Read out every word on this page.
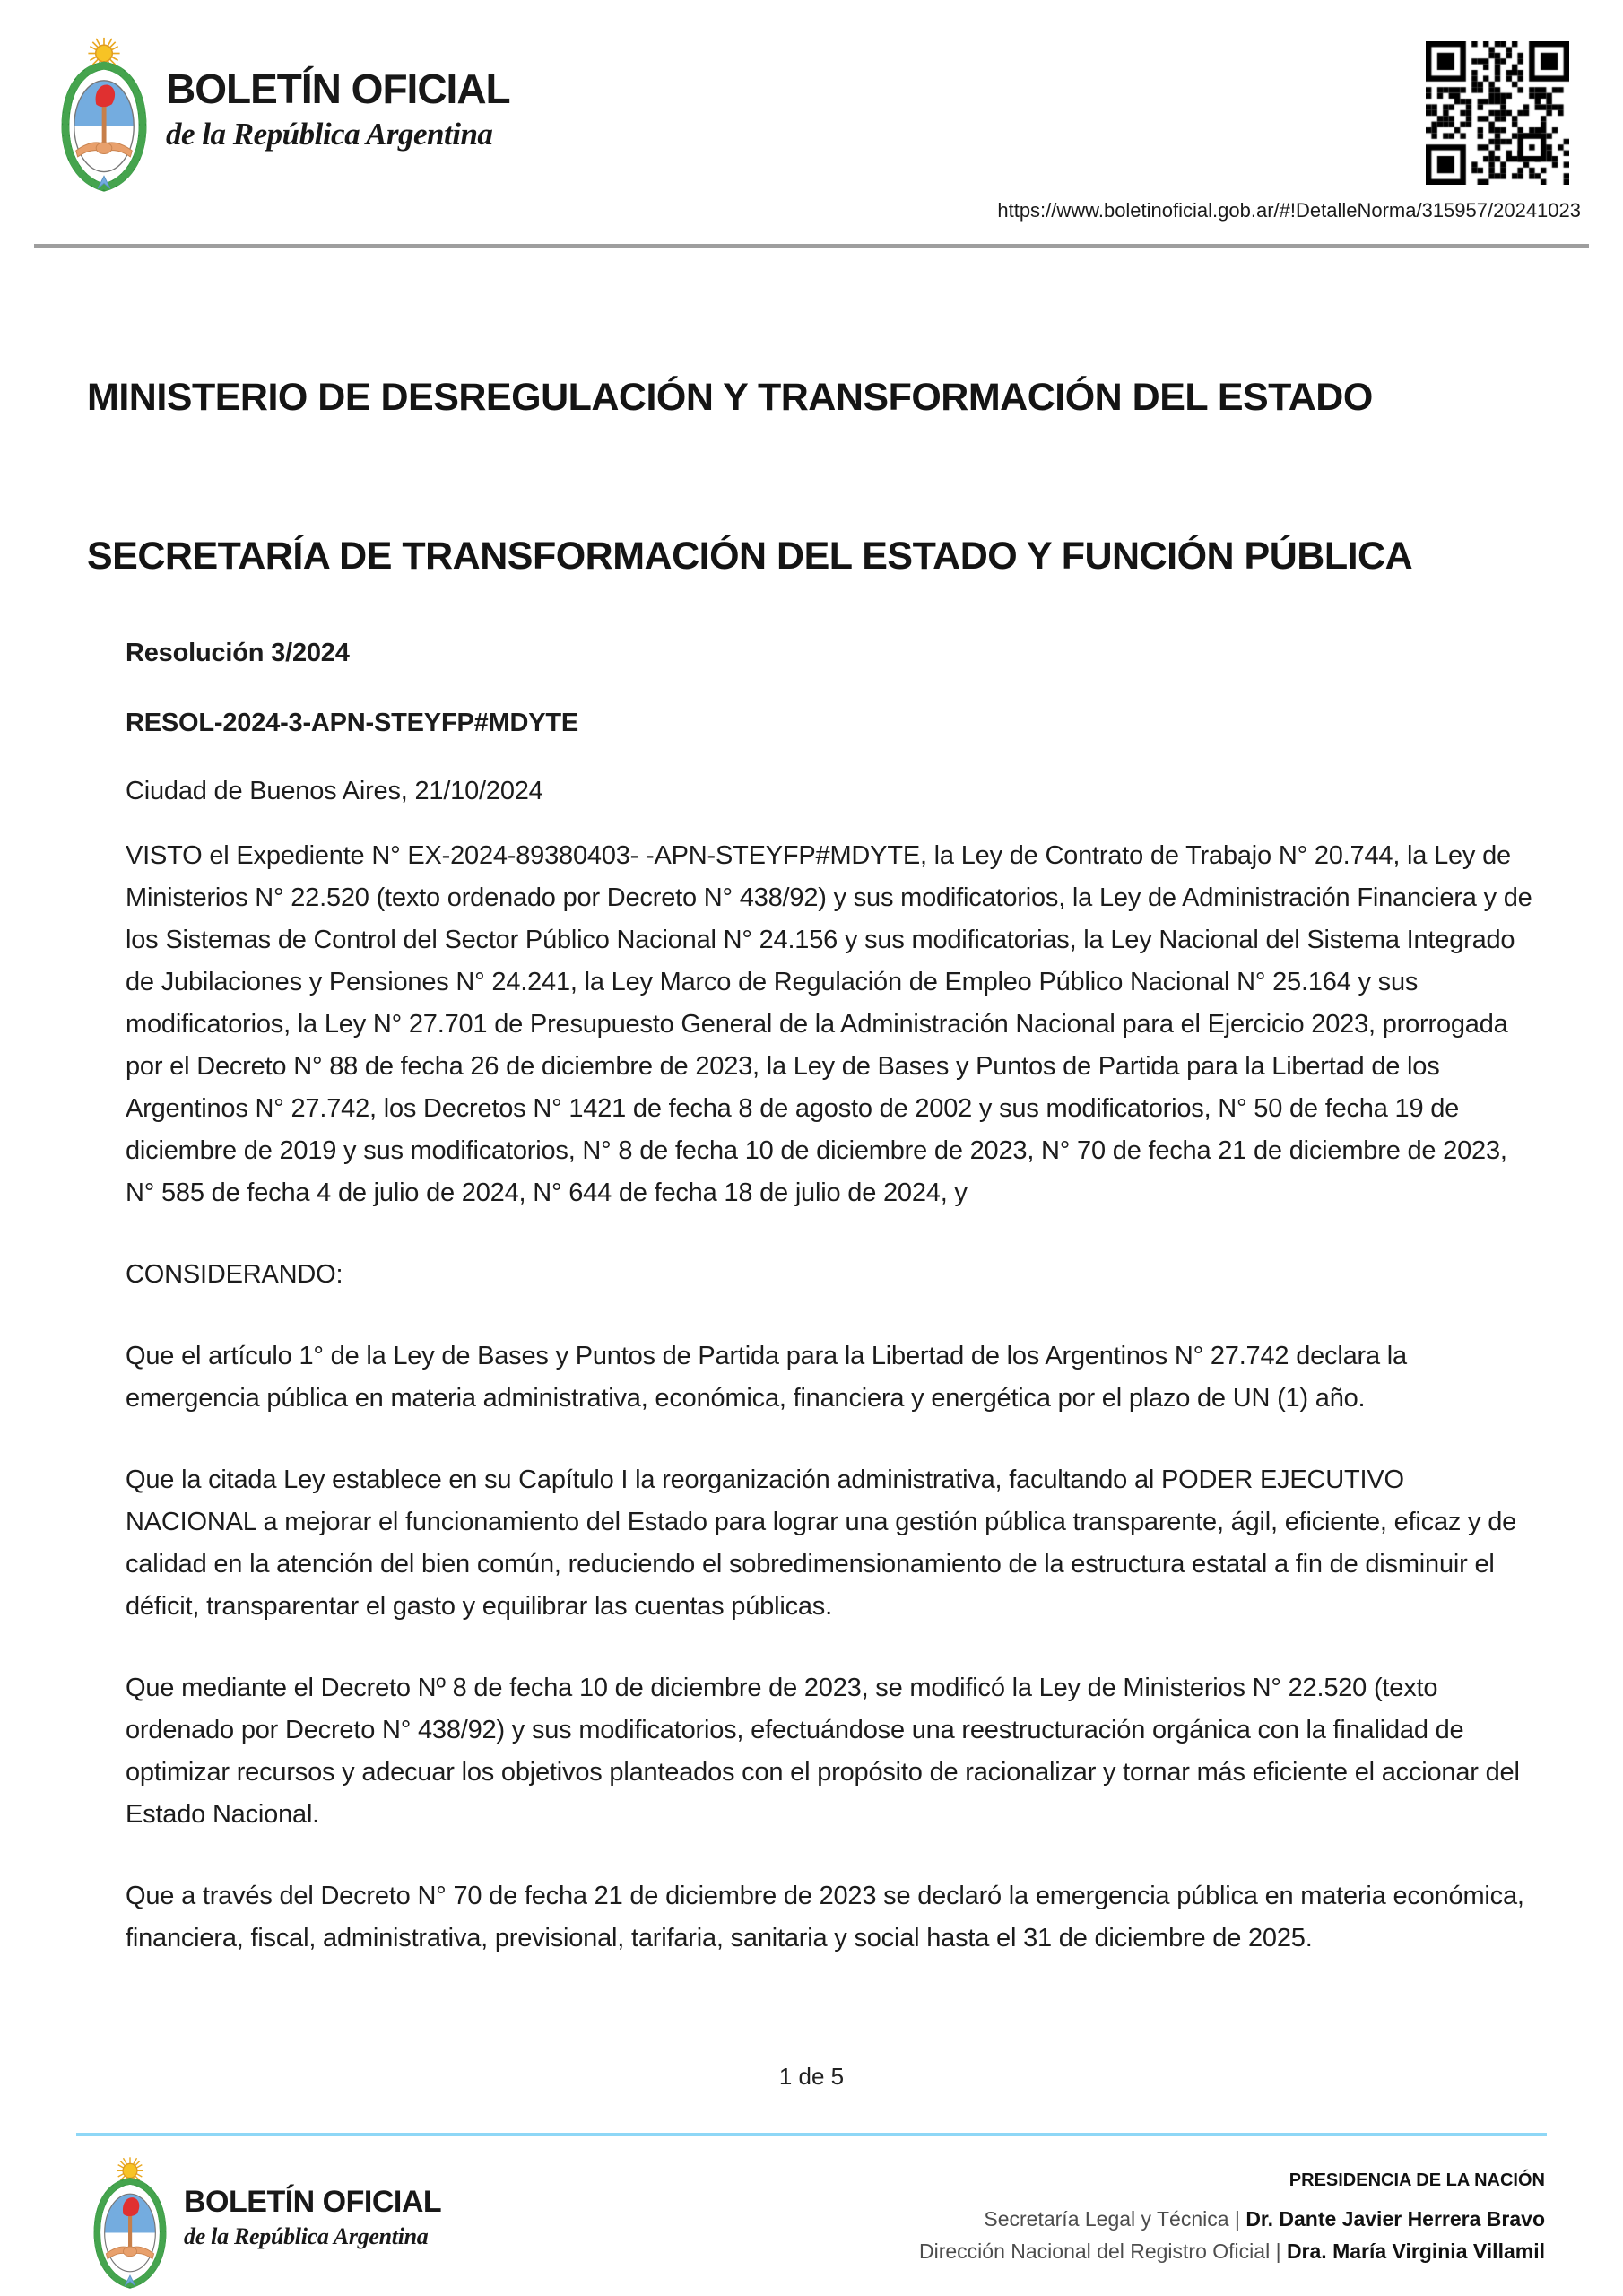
BOLETÍN OFICIAL
de la República Argentina
https://www.boletinoficial.gob.ar/#!DetalleNorma/315957/20241023
MINISTERIO DE DESREGULACIÓN Y TRANSFORMACIÓN DEL ESTADO
SECRETARÍA DE TRANSFORMACIÓN DEL ESTADO Y FUNCIÓN PÚBLICA

Resolución 3/2024

RESOL-2024-3-APN-STEYFP#MDYTE

Ciudad de Buenos Aires, 21/10/2024

VISTO el Expediente N° EX-2024-89380403- -APN-STEYFP#MDYTE, la Ley de Contrato de Trabajo N° 20.744, la Ley de Ministerios N° 22.520 (texto ordenado por Decreto N° 438/92) y sus modificatorios, la Ley de Administración Financiera y de los Sistemas de Control del Sector Público Nacional N° 24.156 y sus modificatorias, la Ley Nacional del Sistema Integrado de Jubilaciones y Pensiones N° 24.241, la Ley Marco de Regulación de Empleo Público Nacional N° 25.164 y sus modificatorios, la Ley N° 27.701 de Presupuesto General de la Administración Nacional para el Ejercicio 2023, prorrogada por el Decreto N° 88 de fecha 26 de diciembre de 2023, la Ley de Bases y Puntos de Partida para la Libertad de los Argentinos N° 27.742, los Decretos N° 1421 de fecha 8 de agosto de 2002 y sus modificatorios, N° 50 de fecha 19 de diciembre de 2019 y sus modificatorios, N° 8 de fecha 10 de diciembre de 2023, N° 70 de fecha 21 de diciembre de 2023, N° 585 de fecha 4 de julio de 2024, N° 644 de fecha 18 de julio de 2024, y

CONSIDERANDO:

Que el artículo 1° de la Ley de Bases y Puntos de Partida para la Libertad de los Argentinos N° 27.742 declara la emergencia pública en materia administrativa, económica, financiera y energética por el plazo de UN (1) año.

Que la citada Ley establece en su Capítulo I la reorganización administrativa, facultando al PODER EJECUTIVO NACIONAL a mejorar el funcionamiento del Estado para lograr una gestión pública transparente, ágil, eficiente, eficaz y de calidad en la atención del bien común, reduciendo el sobredimensionamiento de la estructura estatal a fin de disminuir el déficit, transparentar el gasto y equilibrar las cuentas públicas.

Que mediante el Decreto Nº 8 de fecha 10 de diciembre de 2023, se modificó la Ley de Ministerios N° 22.520 (texto ordenado por Decreto N° 438/92) y sus modificatorios, efectuándose una reestructuración orgánica con la finalidad de optimizar recursos y adecuar los objetivos planteados con el propósito de racionalizar y tornar más eficiente el accionar del Estado Nacional.

Que a través del Decreto N° 70 de fecha 21 de diciembre de 2023 se declaró la emergencia pública en materia económica, financiera, fiscal, administrativa, previsional, tarifaria, sanitaria y social hasta el 31 de diciembre de 2025.

1 de 5
BOLETÍN OFICIAL
de la República Argentina
PRESIDENCIA DE LA NACIÓN
Secretaría Legal y Técnica | Dr. Dante Javier Herrera Bravo
Dirección Nacional del Registro Oficial | Dra. María Virginia Villamil
